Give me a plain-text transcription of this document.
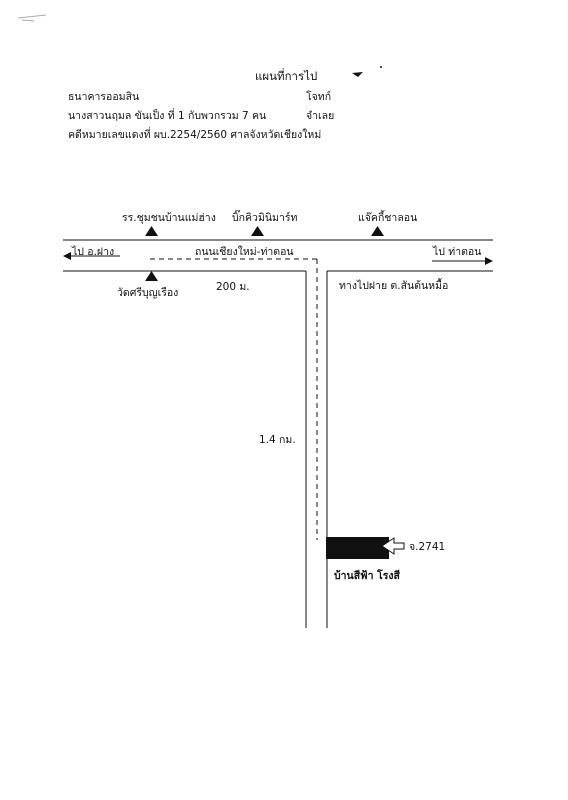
แผนที่การไป
ธนาคารออมสิน	โจทก์
นางสาวนฤมล ขันเป็ง ที่ 1 กับพวกรวม 7 คน	จำเลย
คดีหมายเลขแดงที่ ผบ.2254/2560 ศาลจังหวัดเชียงใหม่
รร.ชุมชนบ้านแม่ฮ่าง บิ๊กคิวมินิมาร์ท	แจ๊คกี้ชาลอน
ไป อ.ฝาง	ถนนเชียงใหม่-ท่าตอน	ไป ท่าตอน
วัดศรีบุญเรือง	200 ม.	ทางไปฝาย ต.สันต้นหมื้อ
1.4 กม.
จ.2741
บ้านสีฟ้า โรงสี
